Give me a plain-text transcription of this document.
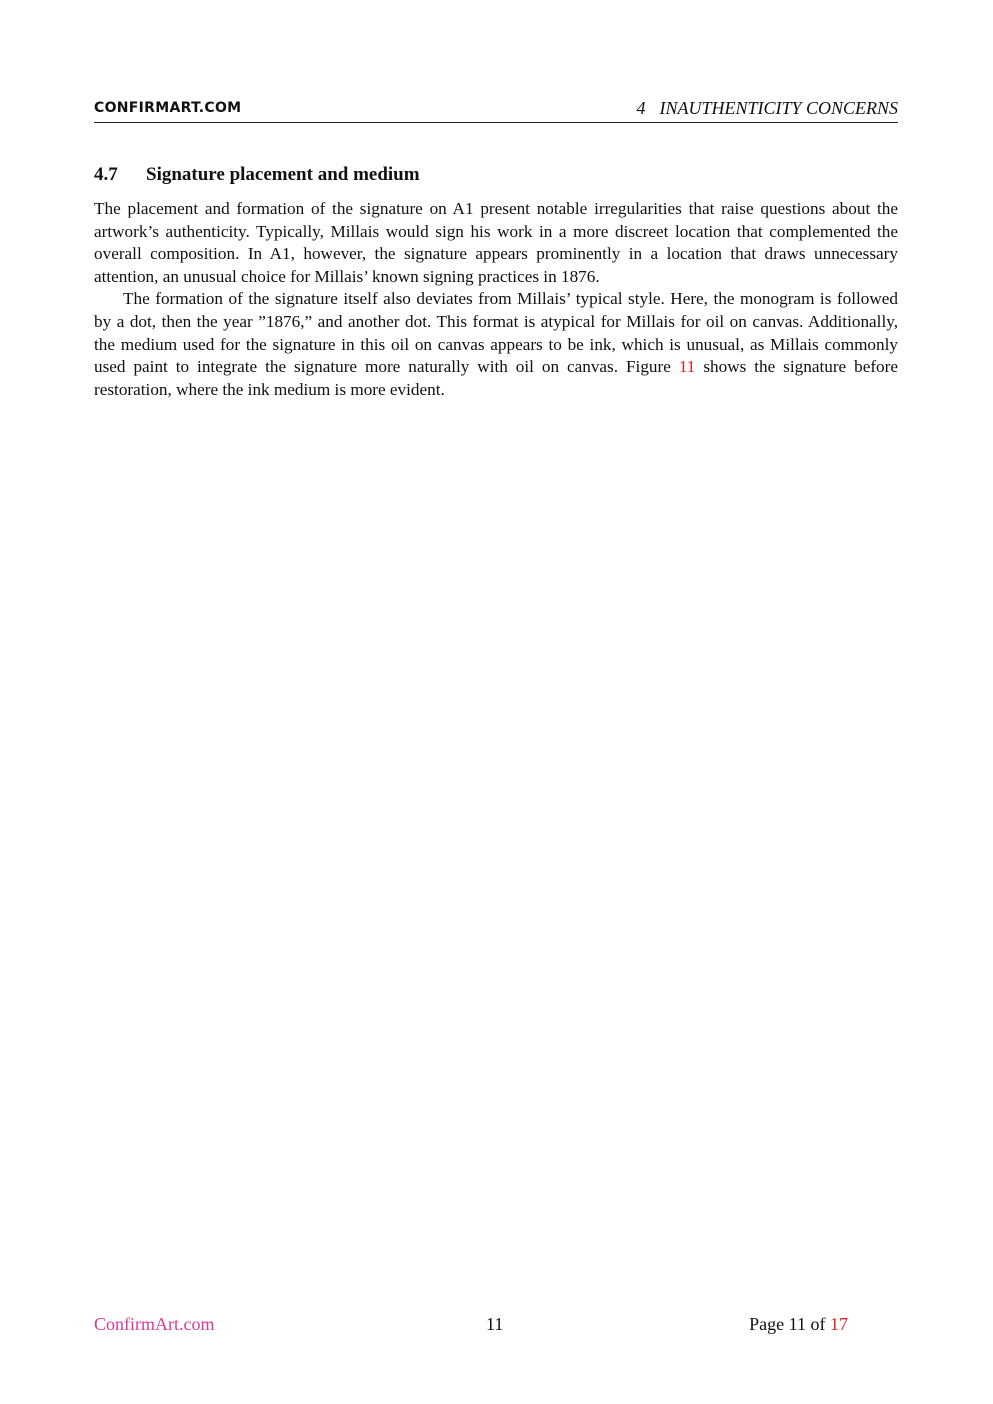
CONFIRMART.COM	4 INAUTHENTICITY CONCERNS
4.7 Signature placement and medium

The placement and formation of the signature on A1 present notable irregularities that raise questions about the artwork’s authenticity. Typically, Millais would sign his work in a more discreet location that complemented the overall composition. In A1, however, the signature appears prominently in a location that draws unnecessary attention, an unusual choice for Millais’ known signing practices in 1876.

The formation of the signature itself also deviates from Millais’ typical style. Here, the monogram is followed by a dot, then the year ”1876,” and another dot. This format is atypical for Millais for oil on canvas. Additionally, the medium used for the signature in this oil on canvas appears to be ink, which is unusual, as Millais commonly used paint to integrate the signature more naturally with oil on canvas. Figure 11 shows the signature before restoration, where the ink medium is more evident.

ConfirmArt.com	11	Page 11 of 17
